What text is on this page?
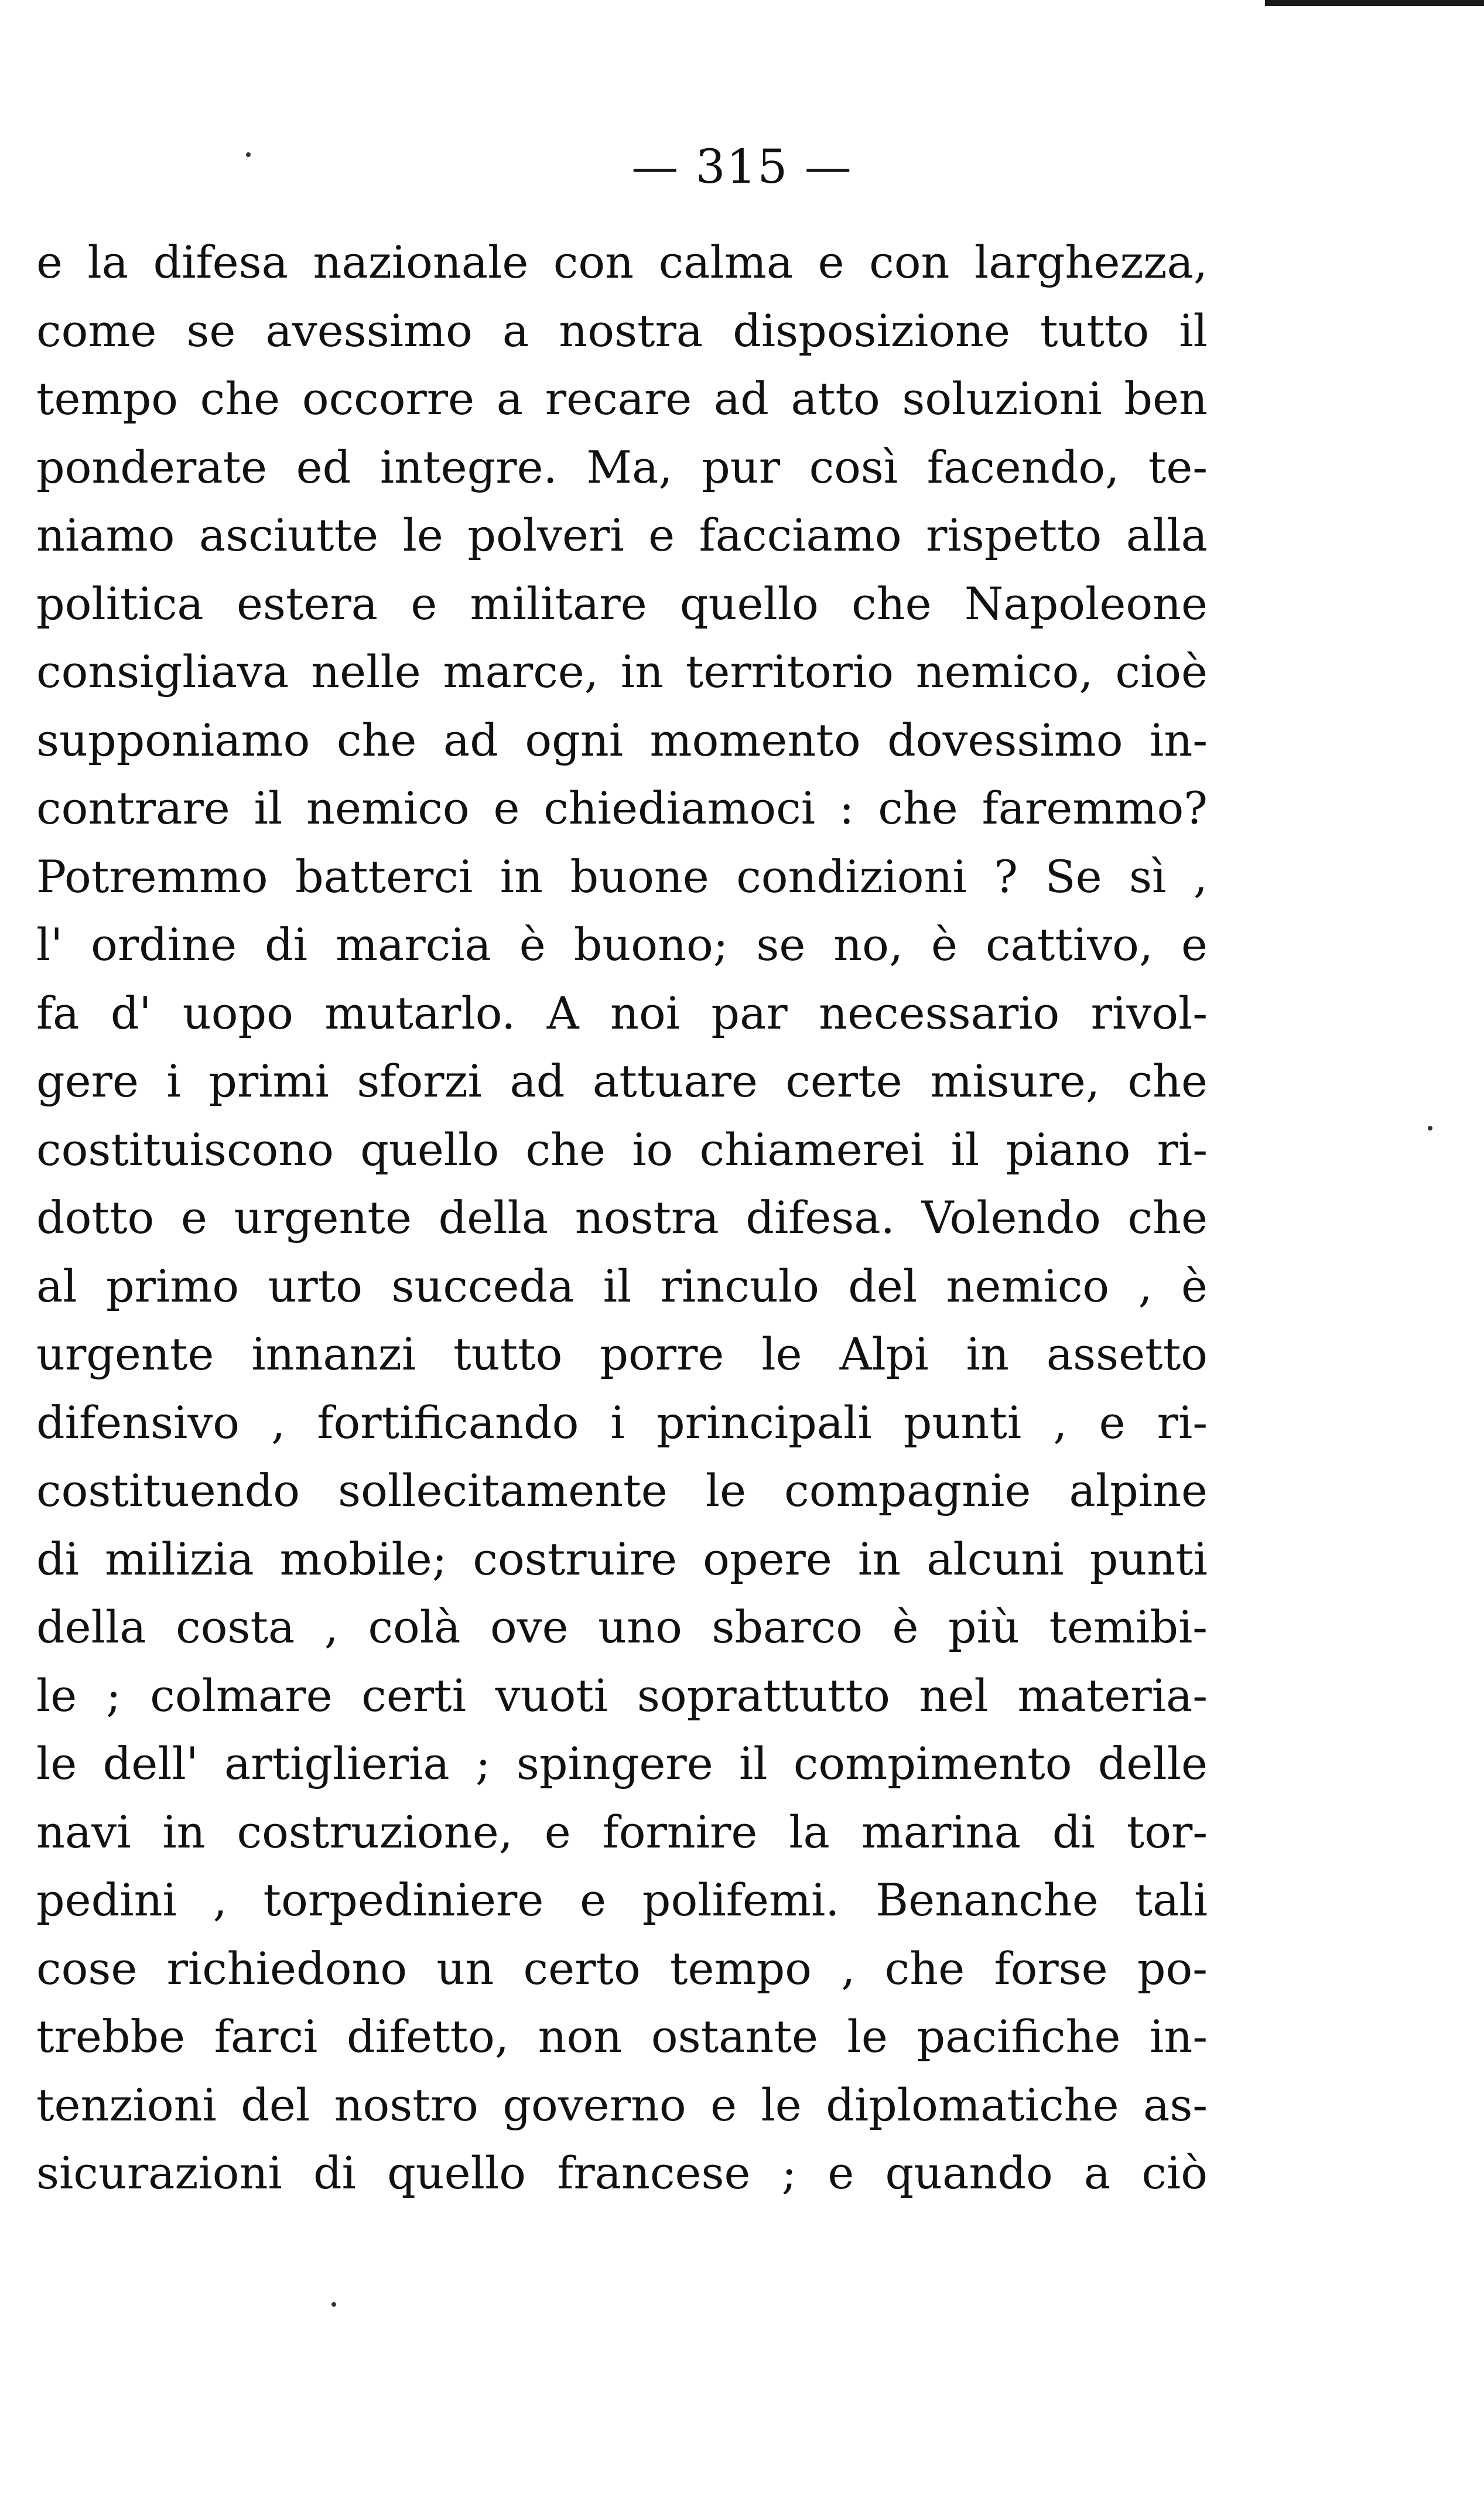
— 315 —
e la difesa nazionale con calma e con larghezza,
come se avessimo a nostra disposizione tutto il
tempo che occorre a recare ad atto soluzioni ben
ponderate ed integre. Ma, pur così facendo, te-
niamo asciutte le polveri e facciamo rispetto alla
politica estera e militare quello che Napoleone
consigliava nelle marce, in territorio nemico, cioè
supponiamo che ad ogni momento dovessimo in-
contrare il nemico e chiediamoci : che faremmo?
Potremmo batterci in buone condizioni ? Se sì ,
l' ordine di marcia è buono; se no, è cattivo, e
fa d' uopo mutarlo. A noi par necessario rivol-
gere i primi sforzi ad attuare certe misure, che
costituiscono quello che io chiamerei il piano ri-
dotto e urgente della nostra difesa. Volendo che
al primo urto succeda il rinculo del nemico , è
urgente innanzi tutto porre le Alpi in assetto
difensivo , fortificando i principali punti , e ri-
costituendo sollecitamente le compagnie alpine
di milizia mobile; costruire opere in alcuni punti
della costa , colà ove uno sbarco è più temibi-
le ; colmare certi vuoti soprattutto nel materia-
le dell' artiglieria ; spingere il compimento delle
navi in costruzione, e fornire la marina di tor-
pedini , torpediniere e polifemi. Benanche tali
cose richiedono un certo tempo , che forse po-
trebbe farci difetto, non ostante le pacifiche in-
tenzioni del nostro governo e le diplomatiche as-
sicurazioni di quello francese ; e quando a ciò
